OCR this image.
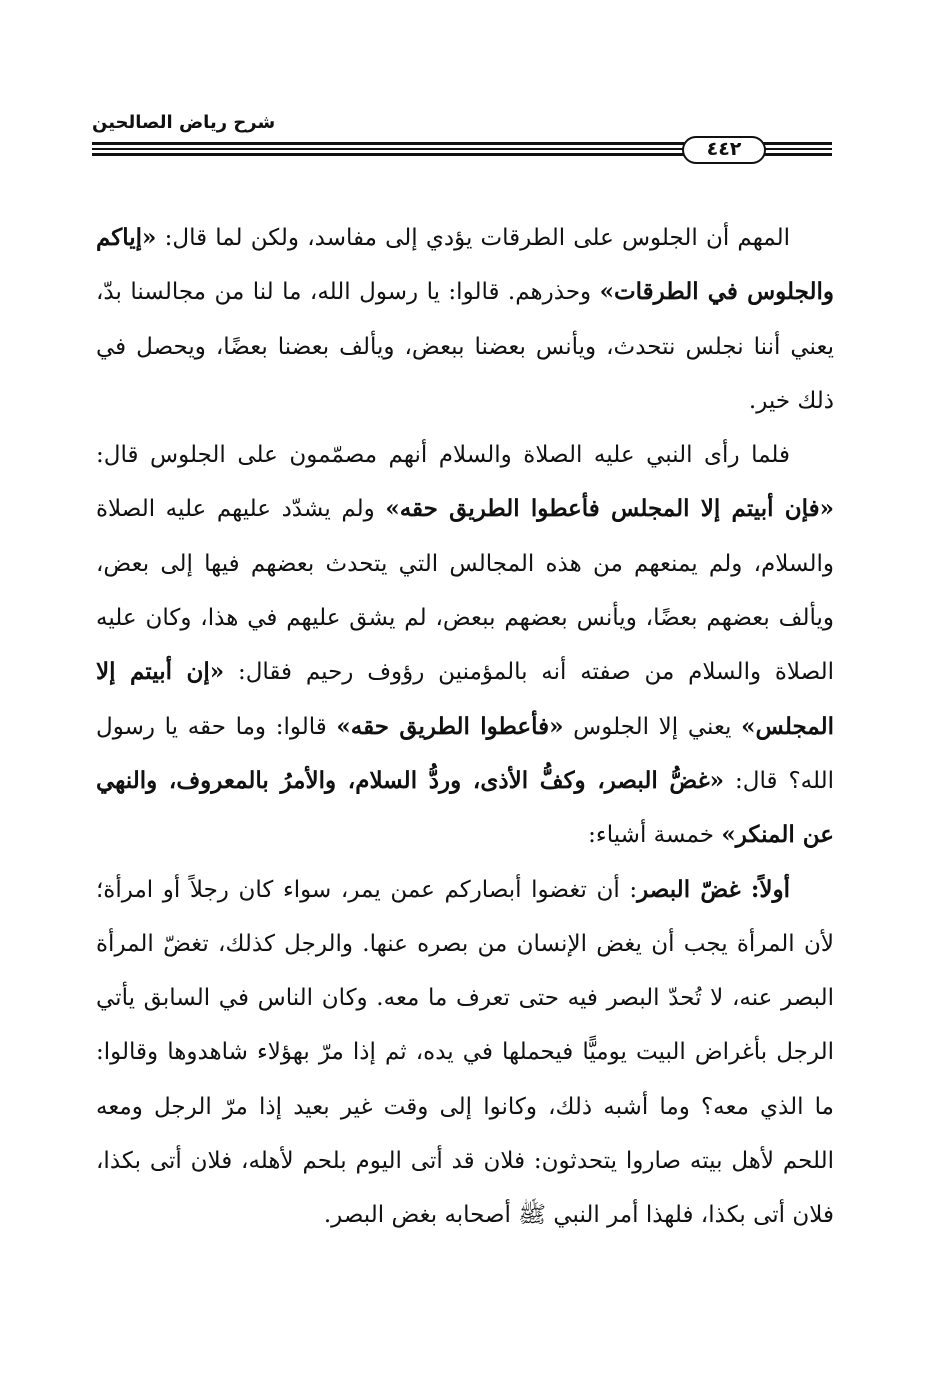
شرح رياض الصالحين
٤٤٢

المهم أن الجلوس على الطرقات يؤدي إلى مفاسد، ولكن لما قال: «إياكم والجلوس في الطرقات» وحذرهم. قالوا: يا رسول الله، ما لنا من مجالسنا بدّ، يعني أننا نجلس نتحدث، ويأنس بعضنا ببعض، ويألف بعضنا بعضًا، ويحصل في ذلك خير.

فلما رأى النبي عليه الصلاة والسلام أنهم مصمّمون على الجلوس قال: «فإن أبيتم إلا المجلس فأعطوا الطريق حقه» ولم يشدّد عليهم عليه الصلاة والسلام، ولم يمنعهم من هذه المجالس التي يتحدث بعضهم فيها إلى بعض، ويألف بعضهم بعضًا، ويأنس بعضهم ببعض، لم يشق عليهم في هذا، وكان عليه الصلاة والسلام من صفته أنه بالمؤمنين رؤوف رحيم فقال: «إن أبيتم إلا المجلس» يعني إلا الجلوس «فأعطوا الطريق حقه» قالوا: وما حقه يا رسول الله؟ قال: «غضُّ البصر، وكفُّ الأذى، وردُّ السلام، والأمرُ بالمعروف، والنهي عن المنكر» خمسة أشياء:

أولاً: غضّ البصر: أن تغضوا أبصاركم عمن يمر، سواء كان رجلاً أو امرأة؛ لأن المرأة يجب أن يغض الإنسان من بصره عنها. والرجل كذلك، تغضّ المرأة البصر عنه، لا تُحدّ البصر فيه حتى تعرف ما معه. وكان الناس في السابق يأتي الرجل بأغراض البيت يوميًّا فيحملها في يده، ثم إذا مرّ بهؤلاء شاهدوها وقالوا: ما الذي معه؟ وما أشبه ذلك، وكانوا إلى وقت غير بعيد إذا مرّ الرجل ومعه اللحم لأهل بيته صاروا يتحدثون: فلان قد أتى اليوم بلحم لأهله، فلان أتى بكذا، فلان أتى بكذا، فلهذا أمر النبي ﷺ أصحابه بغض البصر.
